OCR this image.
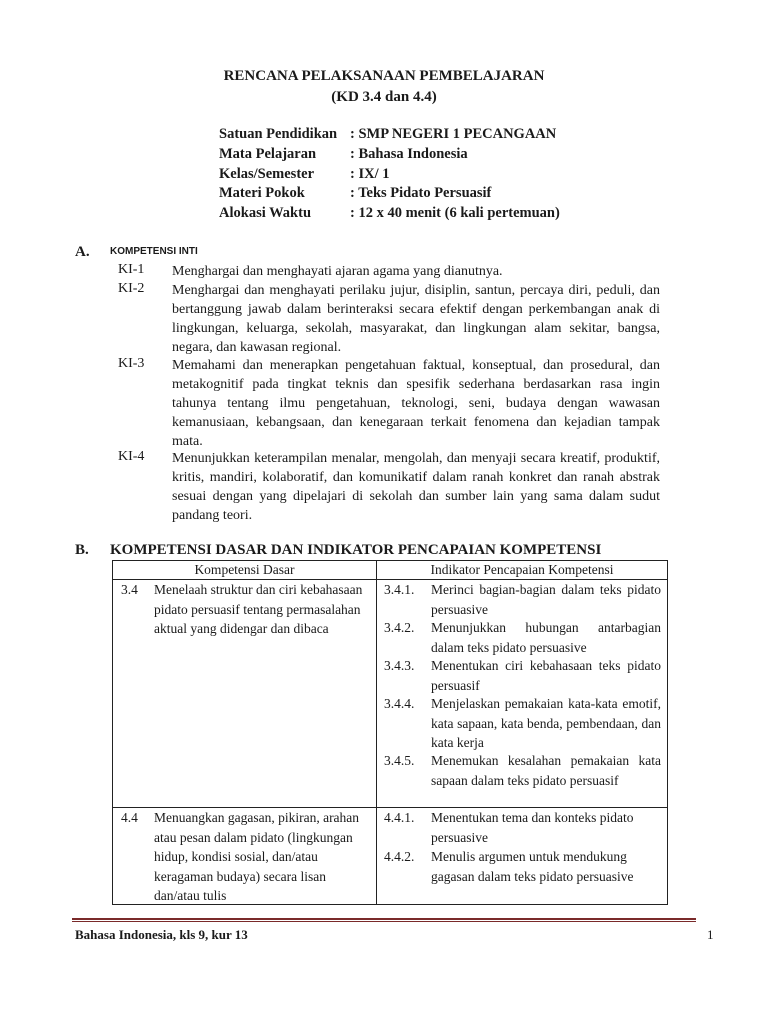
RENCANA PELAKSANAAN PEMBELAJARAN
(KD 3.4 dan 4.4)
Satuan Pendidikan : SMP NEGERI 1 PECANGAAN
Mata Pelajaran : Bahasa Indonesia
Kelas/Semester : IX/ 1
Materi Pokok	: Teks Pidato Persuasif
Alokasi Waktu	: 12 x 40 menit (6 kali pertemuan)
A. KOMPETENSI INTI
KI-1 Menghargai dan menghayati ajaran agama yang dianutnya.
KI-2 Menghargai dan menghayati perilaku jujur, disiplin, santun, percaya diri, peduli, dan bertanggung jawab dalam berinteraksi secara efektif dengan perkembangan anak di lingkungan, keluarga, sekolah, masyarakat, dan lingkungan alam sekitar, bangsa, negara, dan kawasan regional.
KI-3 Memahami dan menerapkan pengetahuan faktual, konseptual, dan prosedural, dan metakognitif pada tingkat teknis dan spesifik sederhana berdasarkan rasa ingin tahunya tentang ilmu pengetahuan, teknologi, seni, budaya dengan wawasan kemanusiaan, kebangsaan, dan kenegaraan terkait fenomena dan kejadian tampak mata.
KI-4 Menunjukkan keterampilan menalar, mengolah, dan menyaji secara kreatif, produktif, kritis, mandiri, kolaboratif, dan komunikatif dalam ranah konkret dan ranah abstrak sesuai dengan yang dipelajari di sekolah dan sumber lain yang sama dalam sudut pandang teori.
B. KOMPETENSI DASAR DAN INDIKATOR PENCAPAIAN KOMPETENSI
Kompetensi Dasar	Indikator Pencapaian Kompetensi
3.4 Menelaah struktur dan ciri kebahasaan pidato persuasif tentang permasalahan aktual yang didengar dan dibaca
3.4.1. Merinci bagian-bagian dalam teks pidato persuasive
3.4.2. Menunjukkan hubungan antarbagian dalam teks pidato persuasive
3.4.3. Menentukan ciri kebahasaan teks pidato persuasif
3.4.4. Menjelaskan pemakaian kata-kata emotif, kata sapaan, kata benda, pembendaan, dan kata kerja
3.4.5. Menemukan kesalahan pemakaian kata sapaan dalam teks pidato persuasif
4.4 Menuangkan gagasan, pikiran, arahan atau pesan dalam pidato (lingkungan hidup, kondisi sosial, dan/atau keragaman budaya) secara lisan dan/atau tulis
4.4.1. Menentukan tema dan konteks pidato persuasive
4.4.2. Menulis argumen untuk mendukung gagasan dalam teks pidato persuasive
Bahasa Indonesia, kls 9, kur 13	1
